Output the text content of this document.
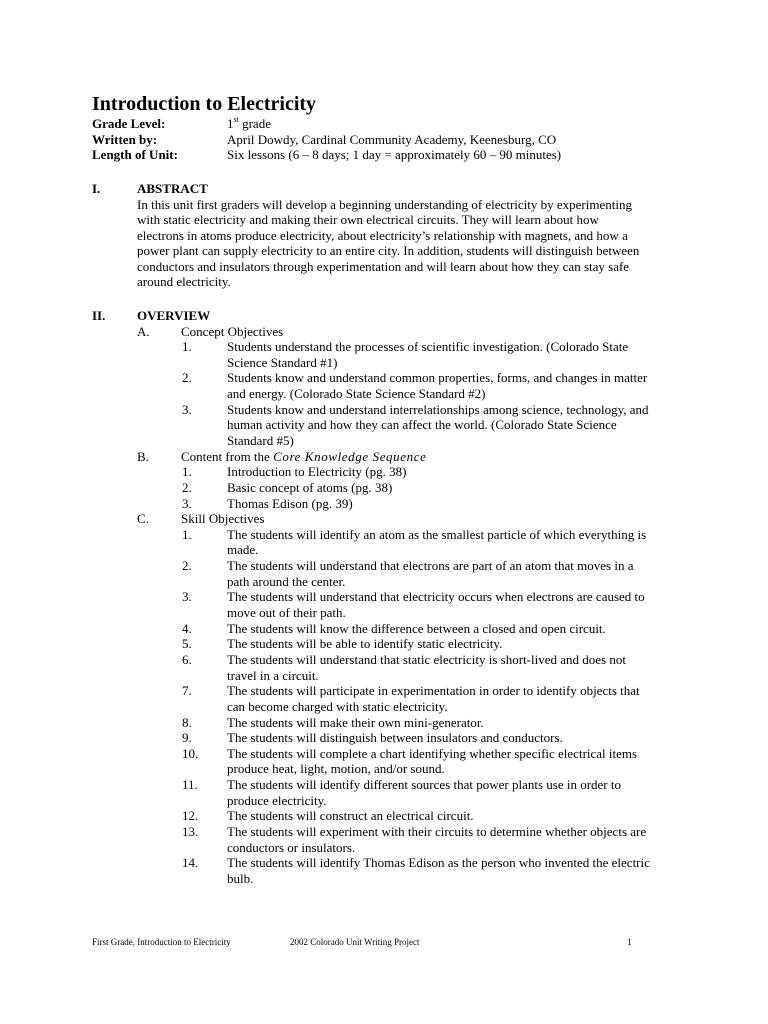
Introduction to Electricity
Grade Level:	1st grade
Written by:	April Dowdy, Cardinal Community Academy, Keenesburg, CO
Length of Unit:	Six lessons (6 – 8 days; 1 day = approximately 60 – 90 minutes)
I.	ABSTRACT
In this unit first graders will develop a beginning understanding of electricity by experimenting
with static electricity and making their own electrical circuits. They will learn about how
electrons in atoms produce electricity, about electricity’s relationship with magnets, and how a
power plant can supply electricity to an entire city. In addition, students will distinguish between
conductors and insulators through experimentation and will learn about how they can stay safe
around electricity.
II. OVERVIEW
A. Concept Objectives
1.	Students understand the processes of scientific investigation. (Colorado State
Science Standard #1)
2.	Students know and understand common properties, forms, and changes in matter
and energy. (Colorado State Science Standard #2)
3.	Students know and understand interrelationships among science, technology, and
human activity and how they can affect the world. (Colorado State Science
Standard #5)
B. Content from the Core Knowledge Sequence
1.	Introduction to Electricity (pg. 38)
2.	Basic concept of atoms (pg. 38)
3.	Thomas Edison (pg. 39)
C. Skill Objectives
1.	The students will identify an atom as the smallest particle of which everything is
made.
2.	The students will understand that electrons are part of an atom that moves in a
path around the center.
3.	The students will understand that electricity occurs when electrons are caused to
move out of their path.
4.	The students will know the difference between a closed and open circuit.
5.	The students will be able to identify static electricity.
6.	The students will understand that static electricity is short-lived and does not
travel in a circuit.
7.	The students will participate in experimentation in order to identify objects that
can become charged with static electricity.
8.	The students will make their own mini-generator.
9.	The students will distinguish between insulators and conductors.
10. The students will complete a chart identifying whether specific electrical items
produce heat, light, motion, and/or sound.
11. The students will identify different sources that power plants use in order to
produce electricity.
12. The students will construct an electrical circuit.
13. The students will experiment with their circuits to determine whether objects are
conductors or insulators.
14. The students will identify Thomas Edison as the person who invented the electric
bulb.
First Grade, Introduction to Electricity	2002 Colorado Unit Writing Project	1
